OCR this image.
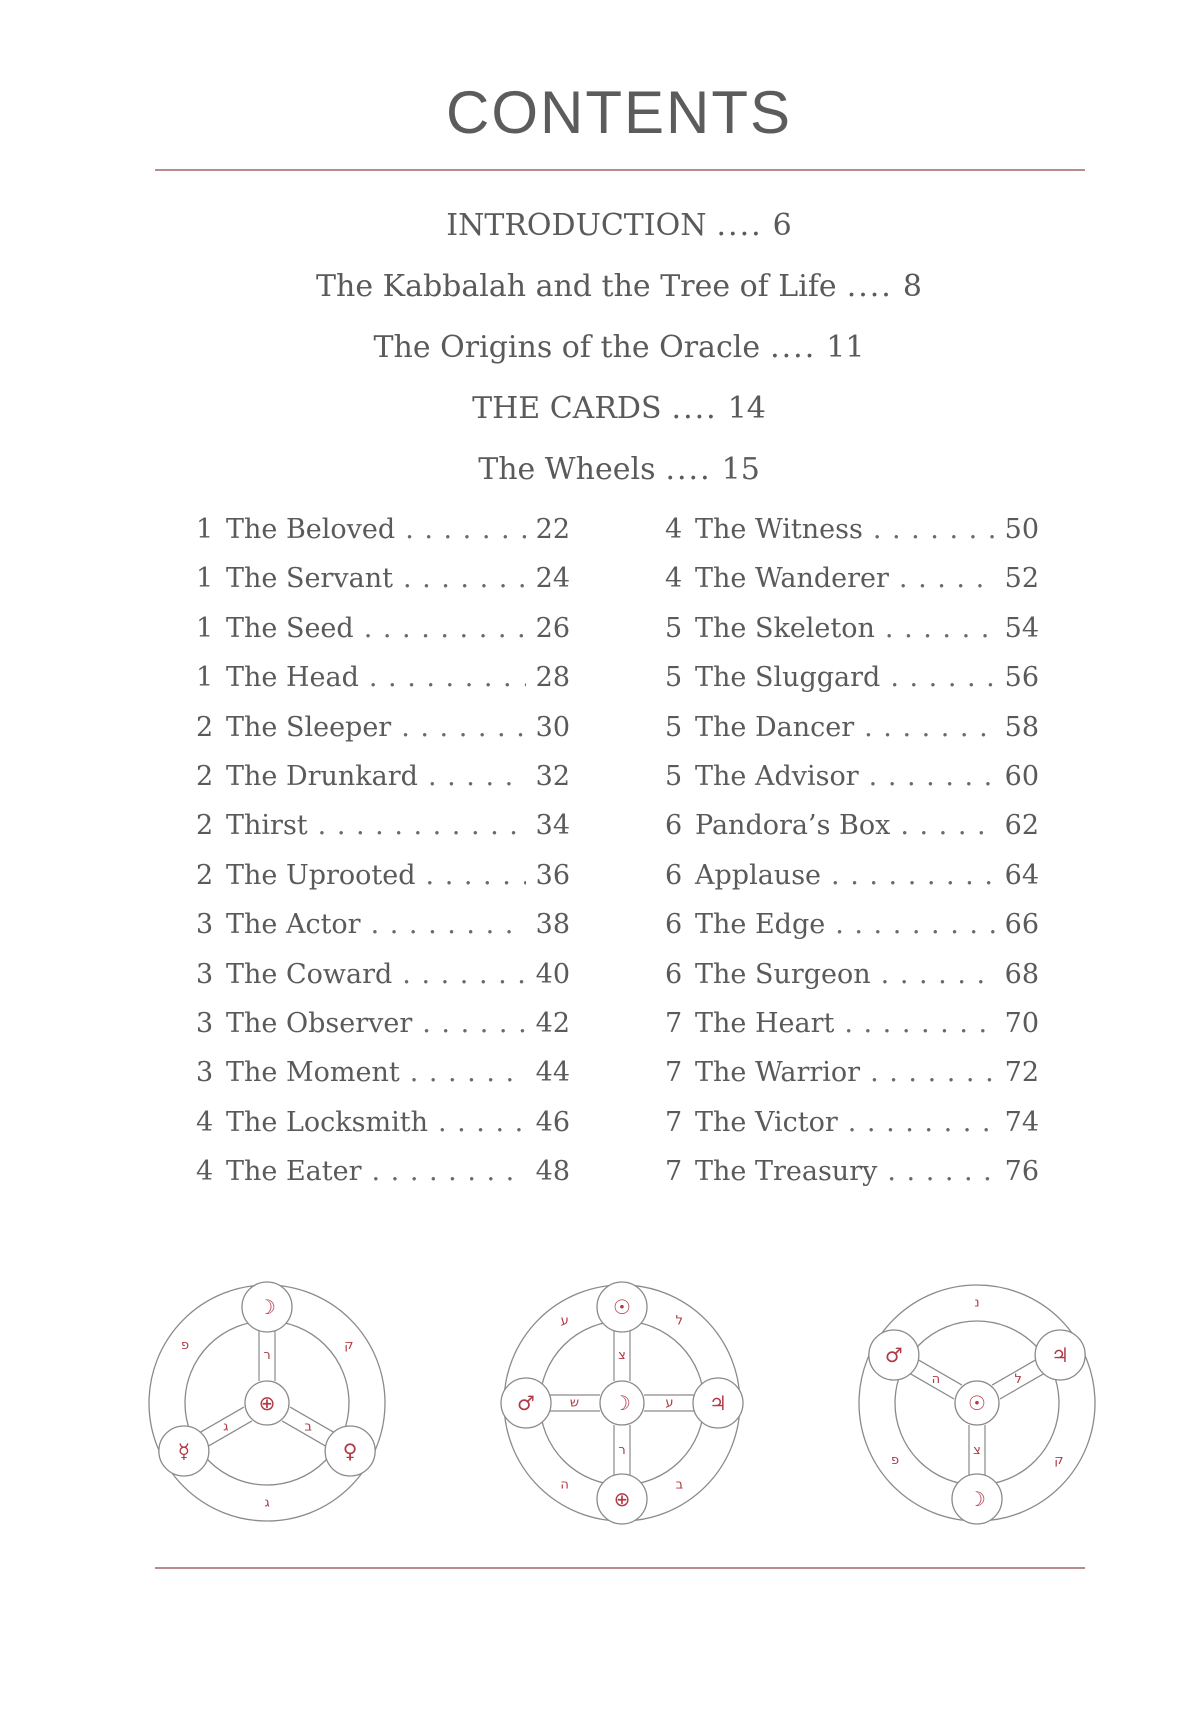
CONTENTS
INTRODUCTION .... 6
The Kabbalah and the Tree of Life .... 8
The Origins of the Oracle .... 11
THE CARDS .... 14
The Wheels .... 15
1 The Beloved . . .	22
1 The Servant . . .	24
1 The Seed . . .	26
1 The Head . . .	28
2 The Sleeper . . .	30
2 The Drunkard . . .	32
2 Thirst . . .	34
2 The Uprooted . . .	36
3 The Actor . . .	38
3 The Coward . . .	40
3 The Observer . . .	42
3 The Moment . . .	44
4 The Locksmith . . .	46
4 The Eater . . .	48
4 The Witness . . .	50
4 The Wanderer . . .	52
5 The Skeleton . . .	54
5 The Sluggard . . .	56
5 The Dancer . . .	58
5 The Advisor . . .	60
6 Pandora’s Box . . .	62
6 Applause . . .	64
6 The Edge . . .	66
6 The Surgeon . . .	68
7 The Heart . . .	70
7 The Warrior . . .	72
7 The Victor . . .	74
7 The Treasury . . .	76
☽
ר
☿
ג
♀
ב
⊕
פ	ק
ג
☉
צ
♂	ש	♃
ע
⊕
ר
☽
ע	ל
ה	ב
☽
צ
♂
ה
♃
ל
☉
נ
פ	ק
